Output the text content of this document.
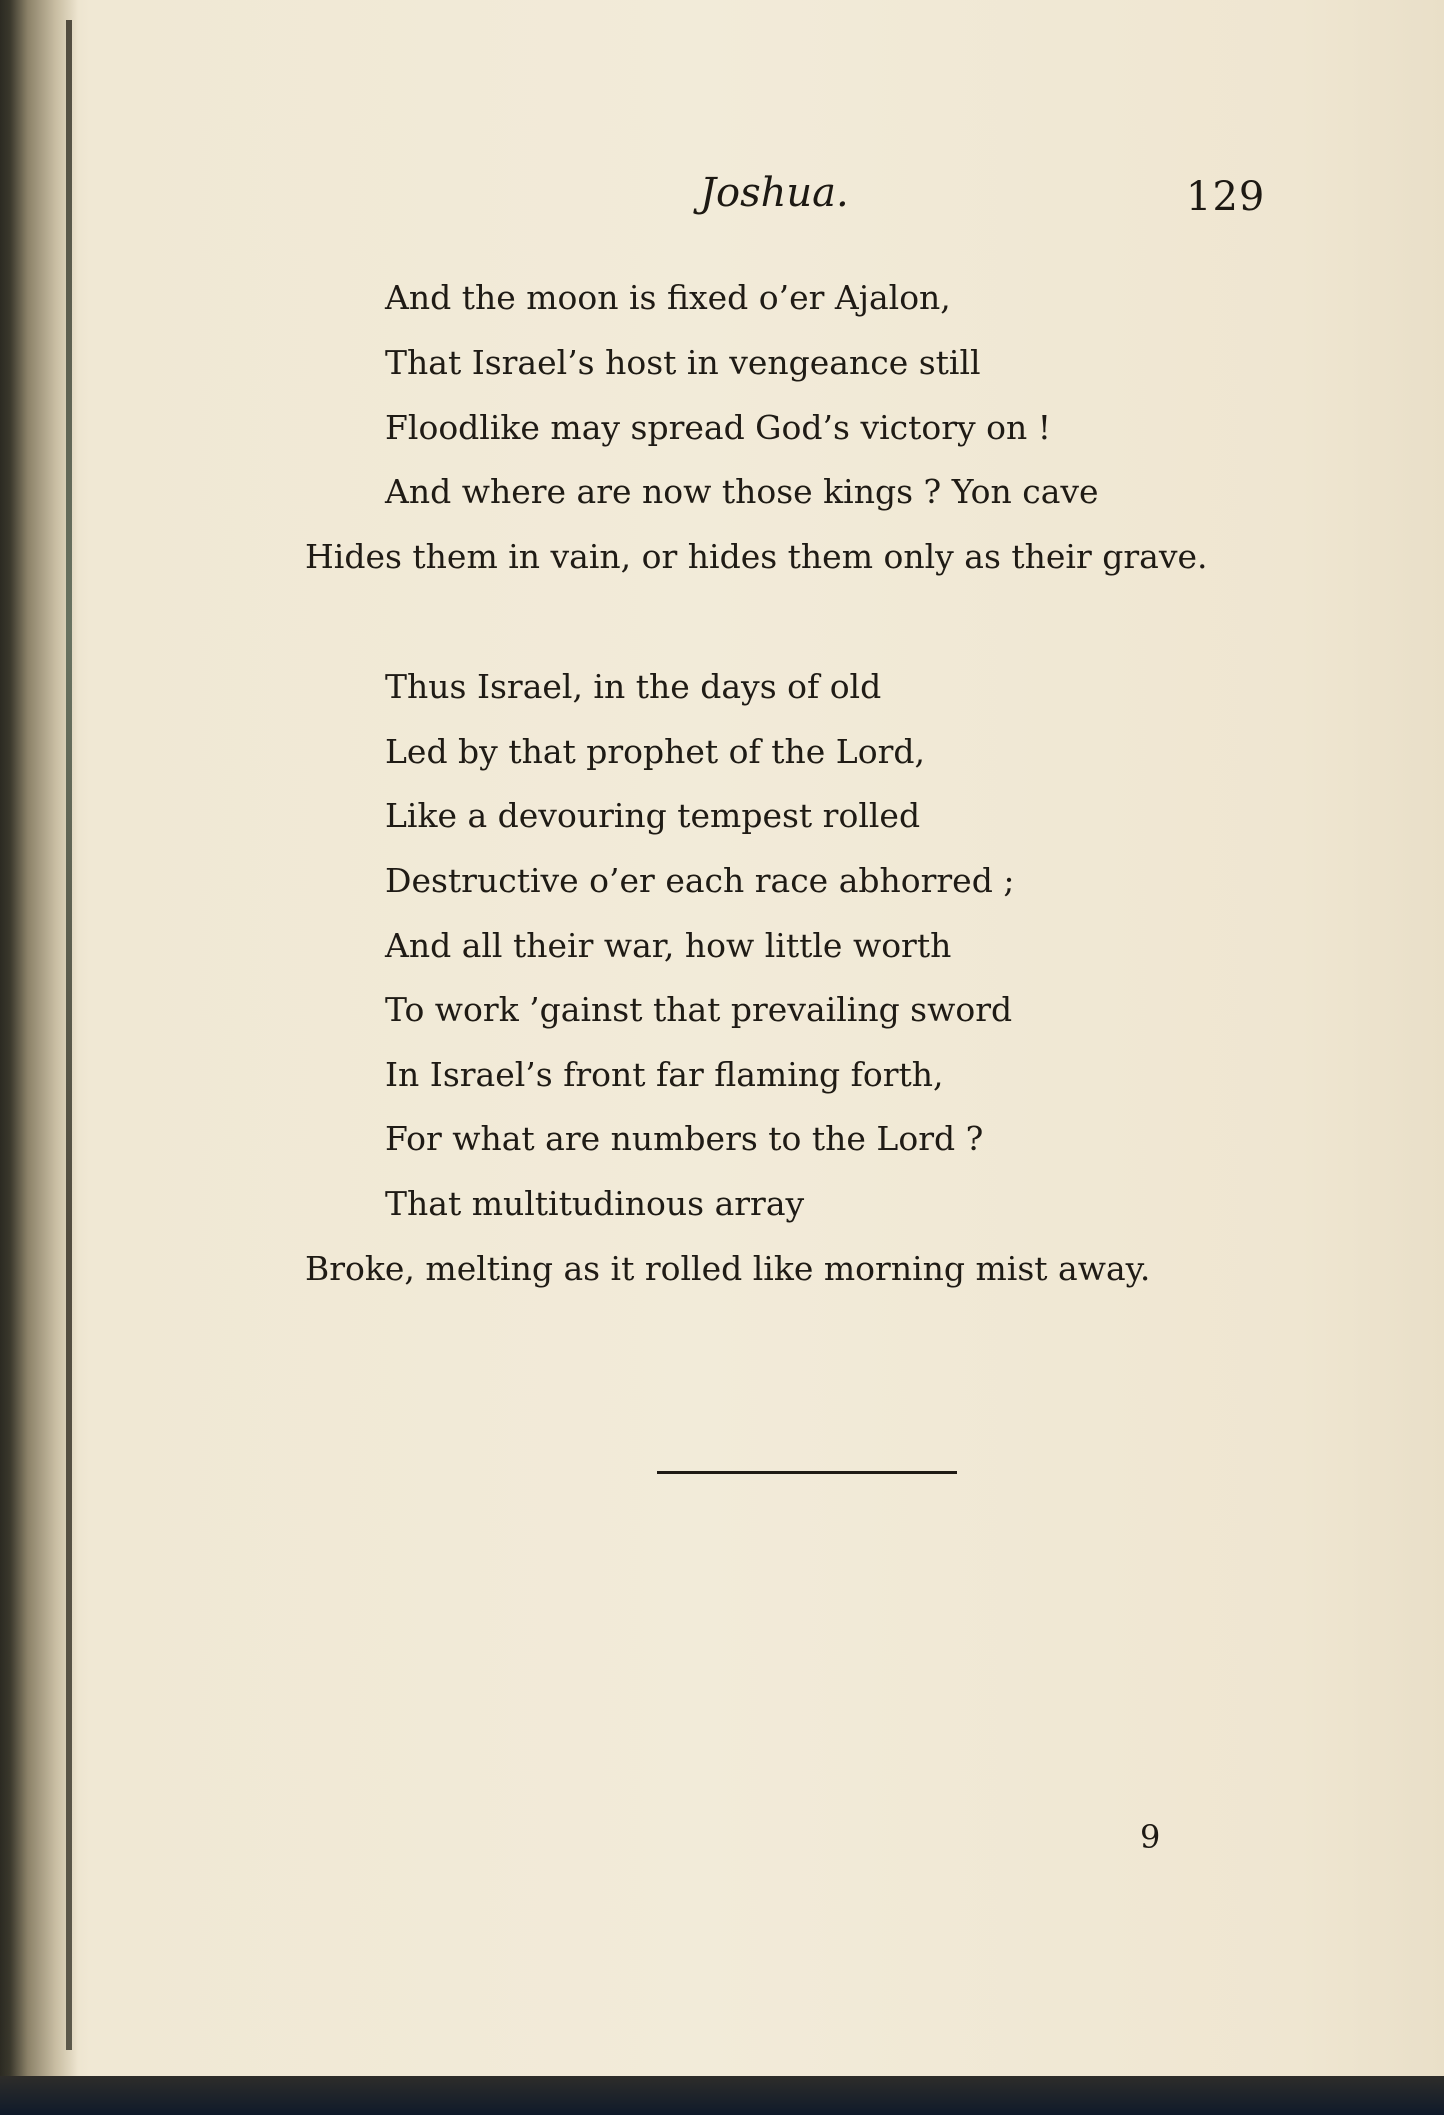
Joshua.	129
And the moon is fixed o’er Ajalon,
That Israel’s host in vengeance still
Floodlike may spread God’s victory on !
And where are now those kings ? Yon cave
Hides them in vain, or hides them only as their grave.
Thus Israel, in the days of old
Led by that prophet of the Lord,
Like a devouring tempest rolled
Destructive o’er each race abhorred ;
And all their war, how little worth
To work ’gainst that prevailing sword
In Israel’s front far flaming forth,
For what are numbers to the Lord ?
That multitudinous array
Broke, melting as it rolled like morning mist away.
9
